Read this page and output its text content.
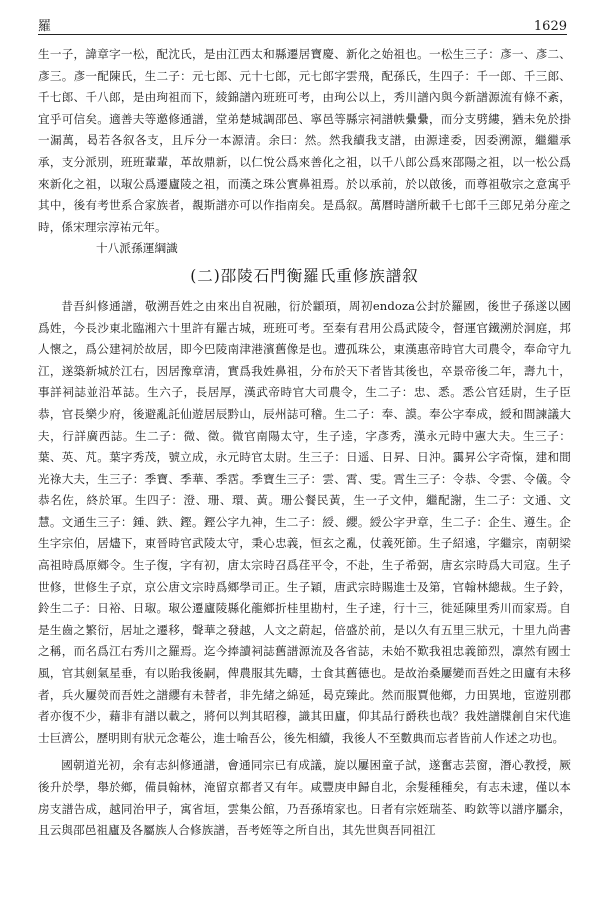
羅	1629

生一子，諱章字一松，配沈氏，是由江西太和縣遷居寶慶、新化之始祖也。一松生三子：彥一、彥二、彥三。彥一配陳氏，生二子：元七郎、元十七郎，元七郎字雲飛，配孫氏，生四子：千一郎、千三郎、千七郎、千八郎，是由珣祖而下，綾錦譜內班班可考，由珣公以上，秀川譜內與今新譜源流有條不紊，宜乎可信矣。適善夫等邀修通譜，堂弟楚城調邵邑、寧邑等縣宗祠譜帙纍纍，而分支劈縷，猶未免於掛一漏萬，曷若各叙各支，且斥分一本源清。余曰：然。然我續我支譜，由源達委，因委溯源，繼繼承承，支分派別，班班輩輩，革故鼎新，以仁悅公爲來善化之祖，以千八郎公爲來邵陽之祖，以一松公爲來新化之祖，以琡公爲遷廬陵之祖，而漢之珠公實鼻祖焉。於以承前，於以啟後，而尊祖敬宗之意寓乎其中，後有考世系合家族者，覩斯譜亦可以作指南矣。是爲叙。萬曆時譜所載千七郎千三郎兄弟分産之時，係宋理宗淳祐元年。

十八派孫運綱識

(二)邵陵石門衡羅氏重修族譜叙

昔吾糾修通譜，敬溯吾姓之由來出自祝融，衍於顓頊，周初endoza公封於羅國，後世子孫遂以國爲姓，今長沙東北臨湘六十里許有羅古城，班班可考。至秦有君用公爲武陵令，督運官鐵溯於洞庭，邦人懷之，爲公建祠於故居，即今巴陵南津港濱舊像是也。遭孤珠公，東漢惠帝時官大司農令，奉命守九江，遂築新城於江右，因居豫章清，實爲我姓鼻祖，分布於天下者皆其後也，卒景帝後二年，壽九十，事詳祠誌並沿革誌。生六子，長居厚，漢武帝時官大司農令，生二子：忠、悉。悉公官廷尉，生子臣恭，官長樂少府，後避亂託仙遊居辰黔山，辰州誌可稽。生二子：奉、謨。奉公字奉成，綬和間諫議大夫，行詳廣西誌。生二子：微、徵。微官南陽太守，生子逵，字彥秀，漢永元時中憲大夫。生三子：葉、英、芃。葉字秀茂，號立成，永元時官太尉。生三子：日遥、日昇、日沖。靄昇公字奇愾，建和間光祿大夫，生三子：季寶、季華、季霑。季寶生三子：雲、霄、雯。霄生三子：令恭、令雲、令儀。令恭名佐，終於軍。生四子：澄、珊、環、黃。珊公餐民黃，生一子文仲，繼配謝，生二子：文通、文慧。文通生三子：鍾、鉄、鏗。鏗公字九神，生二子：綬、纓。綬公字尹章，生二子：企生、遵生。企生字宗伯，居燼下，東晉時官武陵太守，秉心忠義，恒玄之亂，仗義死節。生子紹遠，字繼宗，南朝梁高祖時爲原鄉令。生子復，字有初，唐太宗時召爲荏平令，不赴，生子希弼，唐玄宗時爲大司寇。生子世修，世修生子京，京公唐文宗時爲鄉學司正。生子穎，唐武宗時賜進士及第，官翰林總裁。生子鈴，鈴生二子：日裕、日琡。琡公遷廬陵縣化龍鄉折桂里勘村，生子達，行十三，徙延陳里秀川而家焉。自是生齒之繁衍，居址之遷移，聲華之發越，人文之蔚起，倍盛於前，是以久有五里三狀元，十里九尚書之稱，而名爲江右秀川之羅焉。迄今捧讀祠誌舊譜源流及各省誌，未始不歎我祖忠義節烈，凛然有國士風，官其劍氣星垂，有以貽我後嗣，俾農服其先疇，士食其舊德也。是故治桑屢變而吾姓之田廬有未移者，兵火屢熒而吾姓之譜纓有未替者，非先緒之綿延，曷克臻此。然而服賈他鄉，力田異地，宦遊別郡者亦復不少，藉非有譜以載之，將何以判其昭穆，識其田廬，仰其品行爵秩也哉？我姓譜牒創自宋代進士巨濟公，歷明則有狀元念菴公，進士喻吾公，後先相續，我後人不至數典而忘者皆前人作述之功也。

國朝道光初，余有志糾修通譜，會通同宗已有成議，旋以屢困童子試，遂奮志芸窗，潛心教授，厥後升於學，舉於鄉，備員翰林，淹留京都者又有年。咸豐庚申歸自北，余髮種種矣，有志未逮，僅以本房支譜告成，越同治甲子，寓省垣，雲集公館，乃吾孫堉家也。日者有宗姪瑞荃、畇欽等以譜序屬余，且云與邵邑祖廬及各屬族人合修族譜，吾考姪等之所自出，其先世與吾同祖江
